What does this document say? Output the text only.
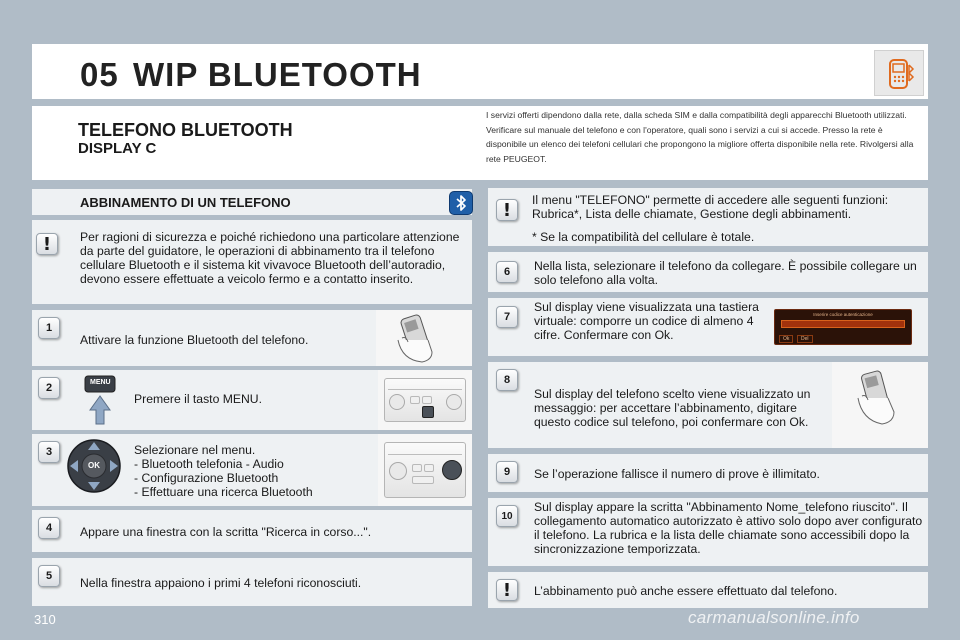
05 WIP BLUETOOTH
TELEFONO BLUETOOTH
DISPLAY C

I servizi offerti dipendono dalla rete, dalla scheda SIM e dalla compatibilità degli apparecchi Bluetooth utilizzati.

Verificare sul manuale del telefono e con l'operatore, quali sono i servizi a cui si accede. Presso la rete è disponibile un elenco dei telefoni cellulari che propongono la migliore offerta disponibile nella rete. Rivolgersi alla rete PEUGEOT.

ABBINAMENTO DI UN TELEFONO
!	Per ragioni di sicurezza e poiché richiedono una particolare attenzione da parte del guidatore, le operazioni di abbinamento tra il telefono cellulare Bluetooth e il sistema kit vivavoce Bluetooth dell’autoradio, devono essere effettuate a veicolo fermo e a contatto inserito.
1
Attivare la funzione Bluetooth del telefono.
2	MENU
Premere il tasto MENU.
3
OK
Selezionare nel menu.
- Bluetooth telefonia - Audio
- Configurazione Bluetooth
- Effettuare una ricerca Bluetooth
4	Appare una finestra con la scritta "Ricerca in corso...".
5	Nella finestra appaiono i primi 4 telefoni riconosciuti.
!	Il menu "TELEFONO" permette di accedere alle seguenti funzioni: Rubrica*, Lista delle chiamate, Gestione degli abbinamenti.
* Se la compatibilità del cellulare è totale.
6	Nella lista, selezionare il telefono da collegare. È possibile collegare un solo telefono alla volta.
7
Sul display viene visualizzata una tastiera virtuale: comporre un codice di almeno 4 cifre. Confermare con Ok.
Inserire codice autenticazione
Ok	Del
8
Sul display del telefono scelto viene visualizzato un messaggio: per accettare l’abbinamento, digitare questo codice sul telefono, poi confermare con Ok.
9	Se l’operazione fallisce il numero di prove è illimitato.
10
Sul display appare la scritta "Abbinamento Nome_telefono riuscito". Il collegamento automatico autorizzato è attivo solo dopo aver configurato il telefono. La rubrica e la lista delle chiamate sono accessibili dopo la sincronizzazione temporizzata.
!	L’abbinamento può anche essere effettuato dal telefono.
310	carmanualsonline.info
